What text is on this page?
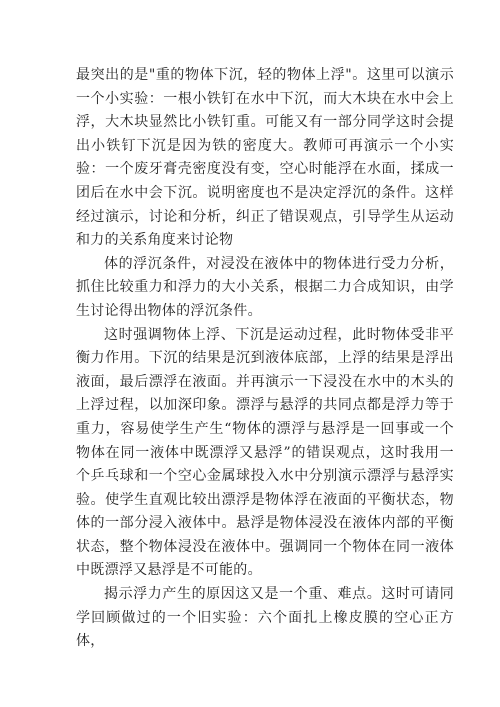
最突出的是"重的物体下沉，轻的物体上浮"。这里可以演示一个小实验：一根小铁钉在水中下沉，而大木块在水中会上浮，大木块显然比小铁钉重。可能又有一部分同学这时会提出小铁钉下沉是因为铁的密度大。教师可再演示一个小实验：一个废牙膏壳密度没有变，空心时能浮在水面，揉成一团后在水中会下沉。说明密度也不是决定浮沉的条件。这样经过演示，讨论和分析，纠正了错误观点，引导学生从运动和力的关系角度来讨论物

体的浮沉条件，对浸没在液体中的物体进行受力分析，抓住比较重力和浮力的大小关系，根据二力合成知识，由学生讨论得出物体的浮沉条件。

这时强调物体上浮、下沉是运动过程，此时物体受非平衡力作用。下沉的结果是沉到液体底部，上浮的结果是浮出液面，最后漂浮在液面。并再演示一下浸没在水中的木头的上浮过程，以加深印象。漂浮与悬浮的共同点都是浮力等于重力，容易使学生产生“物体的漂浮与悬浮是一回事或一个物体在同一液体中既漂浮又悬浮”的错误观点，这时我用一个乒乓球和一个空心金属球投入水中分别演示漂浮与悬浮实验。使学生直观比较出漂浮是物体浮在液面的平衡状态，物体的一部分浸入液体中。悬浮是物体浸没在液体内部的平衡状态，整个物体浸没在液体中。强调同一个物体在同一液体中既漂浮又悬浮是不可能的。

揭示浮力产生的原因这又是一个重、难点。这时可请同学回顾做过的一个旧实验：六个面扎上橡皮膜的空心正方体，
